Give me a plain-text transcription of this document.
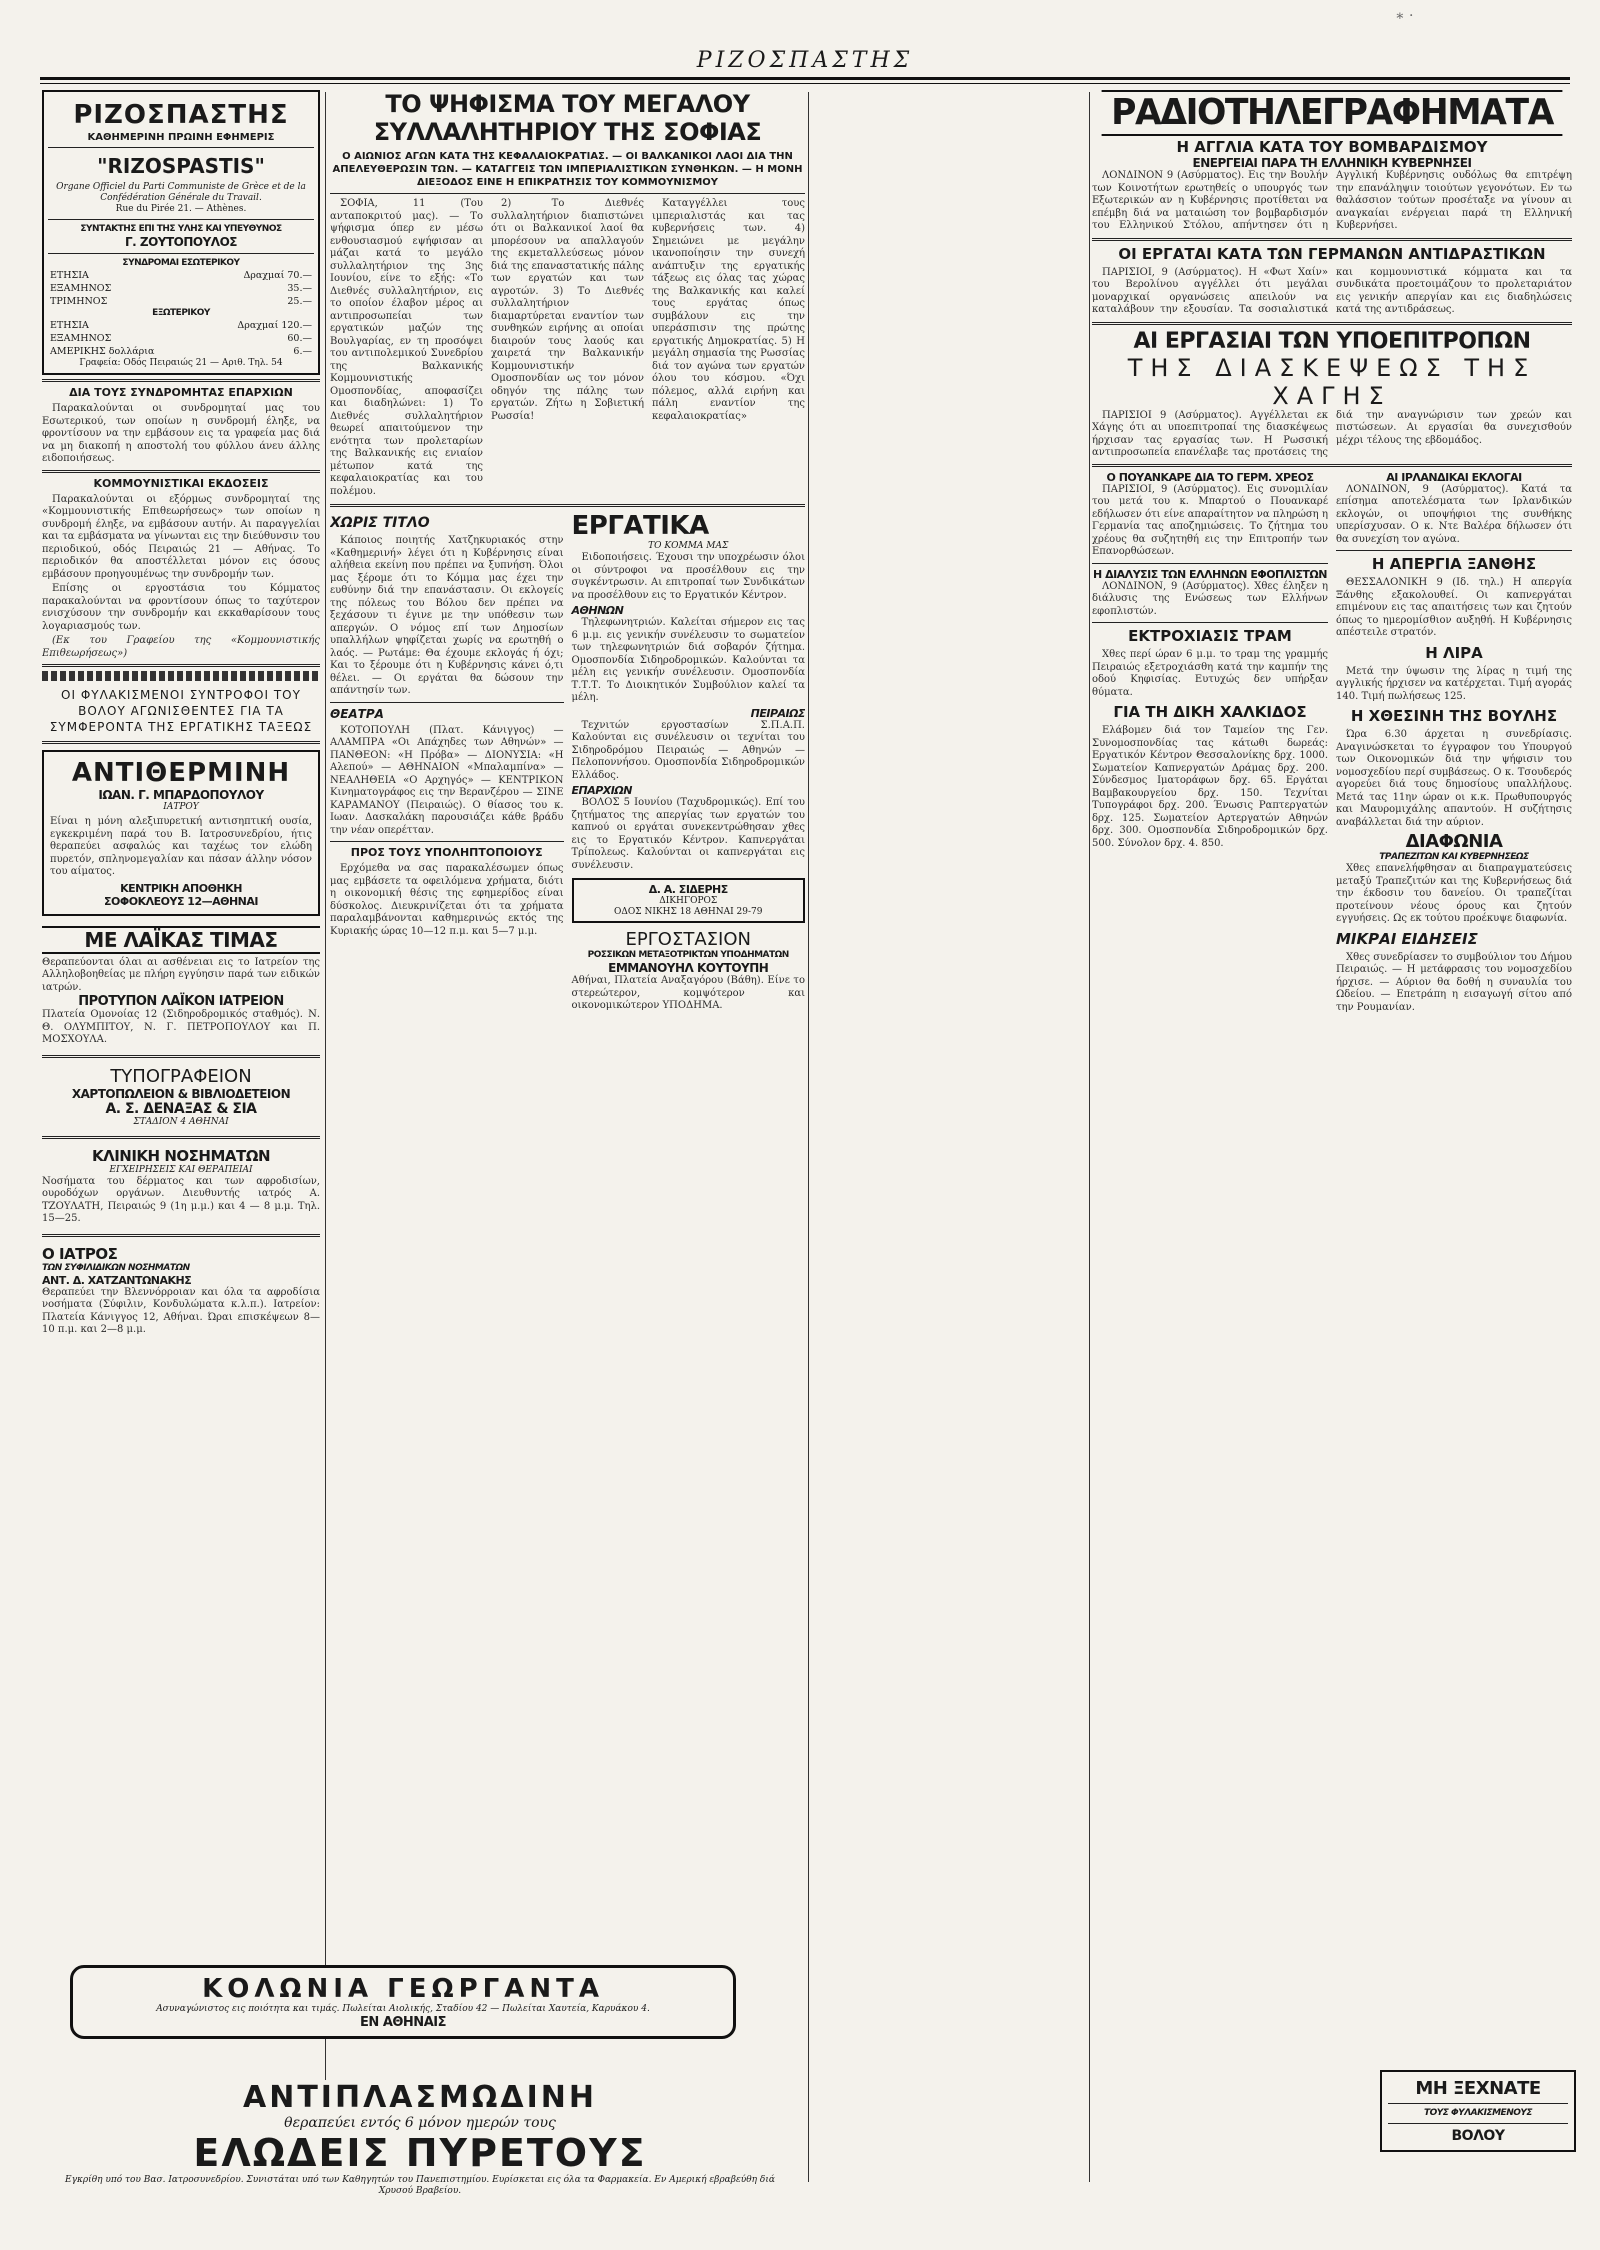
∗ ·
ΡΙΖΟΣΠΑΣΤΗΣ
ΡΙΖΟΣΠΑΣΤΗΣ
ΚΑΘΗΜΕΡΙΝΗ ΠΡΩΙΝΗ ΕΦΗΜΕΡΙΣ
"RIZOSPASTIS"
Organe Officiel du Parti Communiste de Grèce et de la Confédération Générale du Travail.
Rue du Pirée 21. — Athènes.
ΣΥΝΤΑΚΤΗΣ ΕΠΙ ΤΗΣ ΥΛΗΣ ΚΑΙ ΥΠΕΥΘΥΝΟΣ
Γ. ΖΟΥΤΟΠΟΥΛΟΣ
ΣΥΝΔΡΟΜΑΙ ΕΣΩΤΕΡΙΚΟΥ
ΕΤΗΣΙΑ	Δραχμαί 70.—
ΕΞΑΜΗΝΟΣ	35.—
ΤΡΙΜΗΝΟΣ	25.—
ΕΞΩΤΕΡΙΚΟΥ
ΕΤΗΣΙΑ	Δραχμαί 120.—
ΕΞΑΜΗΝΟΣ	60.—
ΑΜΕΡΙΚΗΣ δολλάρια	6.—
Γραφεία: Οδός Πειραιώς 21 — Αριθ. Τηλ. 54
ΔΙΑ ΤΟΥΣ ΣΥΝΔΡΟΜΗΤΑΣ ΕΠΑΡΧΙΩΝ

Παρακαλούνται οι συνδρομηταί μας του Εσωτερικού, των οποίων η συνδρομή έληξε, να φροντίσουν να την εμβάσουν εις τα γραφεία μας διά να μη διακοπή η αποστολή του φύλλου άνευ άλλης ειδοποιήσεως.

ΚΟΜΜΟΥΝΙΣΤΙΚΑΙ ΕΚΔΟΣΕΙΣ

Παρακαλούνται οι εξόρμως συνδρομηταί της «Κομμουνιστικής Επιθεωρήσεως» των οποίων η συνδρομή έληξε, να εμβάσουν αυτήν. Αι παραγγελίαι και τα εμβάσματα να γίνωνται εις την διεύθυνσιν του περιοδικού, οδός Πειραιώς 21 — Αθήνας. Το περιοδικόν θα αποστέλλεται μόνον εις όσους εμβάσουν προηγουμένως την συνδρομήν των.

Επίσης οι εργοστάσια του Κόμματος παρακαλούνται να φροντίσουν όπως το ταχύτερον ενισχύσουν την συνδρομήν και εκκαθαρίσουν τους λογαριασμούς των.

(Εκ του Γραφείου της «Κομμουνιστικής Επιθεωρήσεως»)

ΟΙ ΦΥΛΑΚΙΣΜΕΝΟΙ ΣΥΝΤΡΟΦΟΙ ΤΟΥ ΒΟΛΟΥ ΑΓΩΝΙΣΘΕΝΤΕΣ ΓΙΑ ΤΑ ΣΥΜΦΕΡΟΝΤΑ ΤΗΣ ΕΡΓΑΤΙΚΗΣ ΤΑΞΕΩΣ
ΑΝΤΙΘΕΡΜΙΝΗ
ΙΩΑΝ. Γ. ΜΠΑΡΔΟΠΟΥΛΟΥ
ΙΑΤΡΟΥ
Είναι η μόνη αλεξιπυρετική αντισηπτική ουσία, εγκεκριμένη παρά του Β. Ιατροσυνεδρίου, ήτις θεραπεύει ασφαλώς και ταχέως τον ελώδη πυρετόν, σπληνομεγαλίαν και πάσαν άλλην νόσον του αίματος.
ΚΕΝΤΡΙΚΗ ΑΠΟΘΗΚΗ
ΣΟΦΟΚΛΕΟΥΣ 12—ΑΘΗΝΑΙ
ΜΕ ΛΑΪΚΑΣ ΤΙΜΑΣ
Θεραπεύονται όλαι αι ασθένειαι εις το Ιατρείον της Αλληλοβοηθείας με πλήρη εγγύησιν παρά των ειδικών ιατρών.
ΠΡΟΤΥΠΟΝ ΛΑΪΚΟΝ ΙΑΤΡΕΙΟΝ
Πλατεία Ομονοίας 12 (Σιδηροδρομικός σταθμός). Ν. Θ. ΟΛΥΜΠΙΤΟΥ, Ν. Γ. ΠΕΤΡΟΠΟΥΛΟΥ και Π. ΜΟΣΧΟΥΛΑ.
ΤΥΠΟΓΡΑΦΕΙΟΝ
ΧΑΡΤΟΠΩΛΕΙΟΝ & ΒΙΒΛΙΟΔΕΤΕΙΟΝ
Α. Σ. ΔΕΝΑΞΑΣ & ΣΙΑ
ΣΤΑΔΙΟΝ 4 ΑΘΗΝΑΙ
ΚΛΙΝΙΚΗ ΝΟΣΗΜΑΤΩΝ
ΕΓΧΕΙΡΗΣΕΙΣ ΚΑΙ ΘΕΡΑΠΕΙΑΙ
Νοσήματα του δέρματος και των αφροδισίων, ουροδόχων οργάνων. Διευθυντής ιατρός Α. ΤΖΟΥΛΑΤΗ, Πειραιώς 9 (1η μ.μ.) και 4 — 8 μ.μ. Τηλ. 15—25.
Ο ΙΑΤΡΟΣ
ΤΩΝ ΣΥΦΙΛΙΔΙΚΩΝ ΝΟΣΗΜΑΤΩΝ
ΑΝΤ. Δ. ΧΑΤΖΑΝΤΩΝΑΚΗΣ
Θεραπεύει την Βλεννόρροιαν και όλα τα αφροδίσια νοσήματα (Σύφιλιν, Κονδυλώματα κ.λ.π.). Ιατρείον: Πλατεία Κάνιγγος 12, Αθήναι. Ώραι επισκέψεων 8—10 π.μ. και 2—8 μ.μ.
ΤΟ ΨΗΦΙΣΜΑ ΤΟΥ ΜΕΓΑΛΟΥ ΣΥΛΛΑΛΗΤΗΡΙΟΥ ΤΗΣ ΣΟΦΙΑΣ
Ο ΑΙΩΝΙΟΣ ΑΓΩΝ ΚΑΤΑ ΤΗΣ ΚΕΦΑΛΑΙΟΚΡΑΤΙΑΣ. — ΟΙ ΒΑΛΚΑΝΙΚΟΙ ΛΑΟΙ ΔΙΑ ΤΗΝ ΑΠΕΛΕΥΘΕΡΩΣΙΝ ΤΩΝ. — ΚΑΤΑΓΓΕΙΣ ΤΩΝ ΙΜΠΕΡΙΑΛΙΣΤΙΚΩΝ ΣΥΝΘΗΚΩΝ. — Η ΜΟΝΗ ΔΙΕΞΟΔΟΣ ΕΙΝΕ Η ΕΠΙΚΡΑΤΗΣΙΣ ΤΟΥ ΚΟΜΜΟΥΝΙΣΜΟΥ

ΣΟΦΙΑ, 11 (Του ανταποκριτού μας). — Το ψήφισμα όπερ εν μέσω ενθουσιασμού εψήφισαν αι μάζαι κατά το μεγάλο συλλαλητήριον της 3ης Ιουνίου, είνε το εξής: «Το Διεθνές συλλαλητήριον, εις το οποίον έλαβον μέρος αι αντιπροσωπείαι των εργατικών μαζών της Βουλγαρίας, εν τη προσόψει του αντιπολεμικού Συνεδρίου της Βαλκανικής Κομμουνιστικής Ομοσπονδίας, αποφασίζει και διαδηλώνει: 1) Το Διεθνές συλλαλητήριον θεωρεί απαιτούμενον την ενότητα των προλεταρίων της Βαλκανικής εις ενιαίον μέτωπον κατά της κεφαλαιοκρατίας και του πολέμου.

2) Το Διεθνές συλλαλητήριον διαπιστώνει ότι οι Βαλκανικοί λαοί θα μπορέσουν να απαλλαγούν της εκμεταλλεύσεως μόνον διά της επαναστατικής πάλης των εργατών και των αγροτών. 3) Το Διεθνές συλλαλητήριον διαμαρτύρεται εναντίον των συνθηκών ειρήνης αι οποίαι διαιρούν τους λαούς και χαιρετά την Βαλκανικήν Κομμουνιστικήν Ομοσπονδίαν ως τον μόνον οδηγόν της πάλης των εργατών. Ζήτω η Σοβιετική Ρωσσία!

Καταγγέλλει τους ιμπεριαλιστάς και τας κυβερνήσεις των. 4) Σημειώνει με μεγάλην ικανοποίησιν την συνεχή ανάπτυξιν της εργατικής τάξεως εις όλας τας χώρας της Βαλκανικής και καλεί τους εργάτας όπως συμβάλουν εις την υπεράσπισιν της πρώτης εργατικής Δημοκρατίας. 5) Η μεγάλη σημασία της Ρωσσίας διά τον αγώνα των εργατών όλου του κόσμου. «Όχι πόλεμος, αλλά ειρήνη και πάλη εναντίον της κεφαλαιοκρατίας»

ΧΩΡΙΣ ΤΙΤΛΟ

Κάποιος ποιητής Χατζηκυριακός στην «Καθημερινή» λέγει ότι η Κυβέρνησις είναι αλήθεια εκείνη που πρέπει να ξυπνήση. Όλοι μας ξέρομε ότι το Κόμμα μας έχει την ευθύνην διά την επανάστασιν. Οι εκλογείς της πόλεως του Βόλου δεν πρέπει να ξεχάσουν τι έγινε με την υπόθεσιν των απεργών. Ο νόμος επί των Δημοσίων υπαλλήλων ψηφίζεται χωρίς να ερωτηθή ο λαός. — Ρωτάμε: Θα έχουμε εκλογάς ή όχι; Και το ξέρουμε ότι η Κυβέρνησις κάνει ό,τι θέλει. — Οι εργάται θα δώσουν την απάντησίν των.

ΘΕΑΤΡΑ

ΚΟΤΟΠΟΥΛΗ (Πλατ. Κάνιγγος) — ΑΛΑΜΠΡΑ «Οι Απάχηδες των Αθηνών» — ΠΑΝΘΕΟΝ: «Η Πρόβα» — ΔΙΟΝΥΣΙΑ: «Η Αλεπού» — ΑΘΗΝΑΙΟΝ «Μπαλαμπίνα» — ΝΕΑΛΗΘΕΙΑ «Ο Αρχηγός» — ΚΕΝΤΡΙΚΟΝ Κινηματογράφος εις την Βερανζέρου — ΣΙΝΕ ΚΑΡΑΜΑΝΟΥ (Πειραιώς). Ο θίασος του κ. Ιωαν. Δασκαλάκη παρουσιάζει κάθε βράδυ την νέαν οπερέτταν.

ΠΡΟΣ ΤΟΥΣ ΥΠΟΛΗΠΤΟΠΟΙΟΥΣ

Ερχόμεθα να σας παρακαλέσωμεν όπως μας εμβάσετε τα οφειλόμενα χρήματα, διότι η οικονομική θέσις της εφημερίδος είναι δύσκολος. Διευκρινίζεται ότι τα χρήματα παραλαμβάνονται καθημερινώς εκτός της Κυριακής ώρας 10—12 π.μ. και 5—7 μ.μ.

ΕΡΓΑΤΙΚΑ
ΤΟ ΚΟΜΜΑ ΜΑΣ

Ειδοποιήσεις. Έχουσι την υποχρέωσιν όλοι οι σύντροφοι να προσέλθουν εις την συγκέντρωσιν. Αι επιτροπαί των Συνδικάτων να προσέλθουν εις το Εργατικόν Κέντρον.

ΑΘΗΝΩΝ

Τηλεφωνητριών. Καλείται σήμερον εις τας 6 μ.μ. εις γενικήν συνέλευσιν το σωματείον των τηλεφωνητριών διά σοβαρόν ζήτημα. Ομοσπονδία Σιδηροδρομικών. Καλούνται τα μέλη εις γενικήν συνέλευσιν. Ομοσπονδία Τ.Τ.Τ. Το Διοικητικόν Συμβούλιον καλεί τα μέλη.

ΠΕΙΡΑΙΩΣ

Τεχνιτών εργοστασίων Σ.Π.Α.Π. Καλούνται εις συνέλευσιν οι τεχνίται του Σιδηροδρόμου Πειραιώς — Αθηνών — Πελοποννήσου. Ομοσπονδία Σιδηροδρομικών Ελλάδος.

ΕΠΑΡΧΙΩΝ

ΒΟΛΟΣ 5 Ιουνίου (Ταχυδρομικώς). Επί του ζητήματος της απεργίας των εργατών του καπνού οι εργάται συνεκεντρώθησαν χθες εις το Εργατικόν Κέντρον. Καπνεργάται Τρίπολεως. Καλούνται οι καπνεργάται εις συνέλευσιν.

Δ. Α. ΣΙΔΕΡΗΣ
ΔΙΚΗΓΟΡΟΣ
ΟΔΟΣ ΝΙΚΗΣ 18 ΑΘΗΝΑΙ 29-79
ΕΡΓΟΣΤΑΣΙΟΝ
ΡΟΣΣΙΚΩΝ ΜΕΤΑΞΟΤΡΙΚΤΩΝ ΥΠΟΔΗΜΑΤΩΝ
ΕΜΜΑΝΟΥΗΛ ΚΟΥΤΟΥΠΗ
Αθήναι, Πλατεία Αναξαγόρου (Βάθη). Είνε το στερεώτερον, κομψότερον και οικονομικώτερον ΥΠΟΔΗΜΑ.
ΚΟΛΩΝΙΑ ΓΕΩΡΓΑΝΤΑ
Ασυναγώνιστος εις ποιότητα και τιμάς. Πωλείται Αιολικής, Σταδίου 42 — Πωλείται Χαυτεία, Καρυάκου 4.
ΕΝ ΑΘΗΝΑΙΣ
ΑΝΤΙΠΛΑΣΜΩΔΙΝΗ
θεραπεύει εντός 6 μόνον ημερών τους
ΕΛΩΔΕΙΣ ΠΥΡΕΤΟΥΣ
Εγκρίθη υπό του Βασ. Ιατροσυνεδρίου. Συνιστάται υπό των Καθηγητών του Πανεπιστημίου. Ευρίσκεται εις όλα τα Φαρμακεία. Εν Αμερική εβραβεύθη διά Χρυσού Βραβείου.
ΡΑΔΙΟΤΗΛΕΓΡΑΦΗΜΑΤΑ
Η ΑΓΓΛΙΑ ΚΑΤΑ ΤΟΥ ΒΟΜΒΑΡΔΙΣΜΟΥ
ΕΝΕΡΓΕΙΑΙ ΠΑΡΑ ΤΗ ΕΛΛΗΝΙΚΗ ΚΥΒΕΡΝΗΣΕΙ

ΛΟΝΔΙΝΟΝ 9 (Ασύρματος). Εις την Βουλήν των Κοινοτήτων ερωτηθείς ο υπουργός των Εξωτερικών αν η Κυβέρνησις προτίθεται να επέμβη διά να ματαιώση τον βομβαρδισμόν του Ελληνικού Στόλου, απήντησεν ότι η Αγγλική Κυβέρνησις ουδόλως θα επιτρέψη την επανάληψιν τοιούτων γεγονότων. Εν τω θαλάσσιον τούτων προσέταξε να γίνουν αι αναγκαίαι ενέργειαι παρά τη Ελληνική Κυβερνήσει.

ΟΙ ΕΡΓΑΤΑΙ ΚΑΤΑ ΤΩΝ ΓΕΡΜΑΝΩΝ ΑΝΤΙΔΡΑΣΤΙΚΩΝ

ΠΑΡΙΣΙΟΙ, 9 (Ασύρματος). Η «Φωτ Χαίν» του Βερολίνου αγγέλλει ότι μεγάλαι μοναρχικαί οργανώσεις απειλούν να καταλάβουν την εξουσίαν. Τα σοσιαλιστικά και κομμουνιστικά κόμματα και τα συνδικάτα προετοιμάζουν το προλεταριάτον εις γενικήν απεργίαν και εις διαδηλώσεις κατά της αντιδράσεως.

ΑΙ ΕΡΓΑΣΙΑΙ ΤΩΝ ΥΠΟΕΠΙΤΡΟΠΩΝ
ΤΗΣ ΔΙΑΣΚΕΨΕΩΣ ΤΗΣ ΧΑΓΗΣ

ΠΑΡΙΣΙΟΙ 9 (Ασύρματος). Αγγέλλεται εκ Χάγης ότι αι υποεπιτροπαί της διασκέψεως ήρχισαν τας εργασίας των. Η Ρωσσική αντιπροσωπεία επανέλαβε τας προτάσεις της διά την αναγνώρισιν των χρεών και πιστώσεων. Αι εργασίαι θα συνεχισθούν μέχρι τέλους της εβδομάδος.

Ο ΠΟΥΑΝΚΑΡΕ ΔΙΑ ΤΟ ΓΕΡΜ. ΧΡΕΟΣ

ΠΑΡΙΣΙΟΙ, 9 (Ασύρματος). Εις συνομιλίαν του μετά του κ. Μπαρτού ο Πουανκαρέ εδήλωσεν ότι είνε απαραίτητον να πληρώση η Γερμανία τας αποζημιώσεις. Το ζήτημα του χρέους θα συζητηθή εις την Επιτροπήν των Επανορθώσεων.

Η ΔΙΑΛΥΣΙΣ ΤΩΝ ΕΛΛΗΝΩΝ ΕΦΟΠΛΙΣΤΩΝ

ΛΟΝΔΙΝΟΝ, 9 (Ασύρματος). Χθες έληξεν η διάλυσις της Ενώσεως των Ελλήνων εφοπλιστών.

ΕΚΤΡΟΧΙΑΣΙΣ ΤΡΑΜ

Χθες περί ώραν 6 μ.μ. το τραμ της γραμμής Πειραιώς εξετροχιάσθη κατά την καμπήν της οδού Κηφισίας. Ευτυχώς δεν υπήρξαν θύματα.

ΓΙΑ ΤΗ ΔΙΚΗ ΧΑΛΚΙΔΟΣ

Ελάβομεν διά τον Ταμείον της Γεν. Συνομοσπονδίας τας κάτωθι δωρεάς: Εργατικόν Κέντρον Θεσσαλονίκης δρχ. 1000. Σωματείον Καπνεργατών Δράμας δρχ. 200. Σύνδεσμος Ιματοράφων δρχ. 65. Εργάται Βαμβακουργείου δρχ. 150. Τεχνίται Τυπογράφοι δρχ. 200. Ένωσις Ραπτεργατών δρχ. 125. Σωματείον Αρτεργατών Αθηνών δρχ. 300. Ομοσπονδία Σιδηροδρομικών δρχ. 500. Σύνολον δρχ. 4. 850.

ΑΙ ΙΡΛΑΝΔΙΚΑΙ ΕΚΛΟΓΑΙ

ΛΟΝΔΙΝΟΝ, 9 (Ασύρματος). Κατά τα επίσημα αποτελέσματα των Ιρλανδικών εκλογών, οι υποψήφιοι της συνθήκης υπερίσχυσαν. Ο κ. Ντε Βαλέρα δήλωσεν ότι θα συνεχίση τον αγώνα.

Η ΑΠΕΡΓΙΑ ΞΑΝΘΗΣ

ΘΕΣΣΑΛΟΝΙΚΗ 9 (Ιδ. τηλ.) Η απεργία Ξάνθης εξακολουθεί. Οι καπνεργάται επιμένουν εις τας απαιτήσεις των και ζητούν όπως το ημερομίσθιον αυξηθή. Η Κυβέρνησις απέστειλε στρατόν.

Η ΛΙΡΑ

Μετά την ύψωσιν της λίρας η τιμή της αγγλικής ήρχισεν να κατέρχεται. Τιμή αγοράς 140. Τιμή πωλήσεως 125.

Η ΧΘΕΣΙΝΗ ΤΗΣ ΒΟΥΛΗΣ

Ώρα 6.30 άρχεται η συνεδρίασις. Αναγινώσκεται το έγγραφον του Υπουργού των Οικονομικών διά την ψήφισιν του νομοσχεδίου περί συμβάσεως. Ο κ. Τσουδερός αγορεύει διά τους δημοσίους υπαλλήλους. Μετά τας 11ην ώραν οι κ.κ. Πρωθυπουργός και Μαυρομιχάλης απαντούν. Η συζήτησις αναβάλλεται διά την αύριον.

ΔΙΑΦΩΝΙΑ
ΤΡΑΠΕΖΙΤΩΝ ΚΑΙ ΚΥΒΕΡΝΗΣΕΩΣ

Χθες επανελήφθησαν αι διαπραγματεύσεις μεταξύ Τραπεζιτών και της Κυβερνήσεως διά την έκδοσιν του δανείου. Οι τραπεζίται προτείνουν νέους όρους και ζητούν εγγυήσεις. Ως εκ τούτου προέκυψε διαφωνία.

ΜΙΚΡΑΙ ΕΙΔΗΣΕΙΣ

Χθες συνεδρίασεν το συμβούλιον του Δήμου Πειραιώς. — Η μετάφρασις του νομοσχεδίου ήρχισε. — Αύριον θα δοθή η συναυλία του Ωδείου. — Επετράπη η εισαγωγή σίτου από την Ρουμανίαν.

ΜΗ ΞΕΧΝΑΤΕ
ΤΟΥΣ ΦΥΛΑΚΙΣΜΕΝΟΥΣ
ΒΟΛΟΥ
